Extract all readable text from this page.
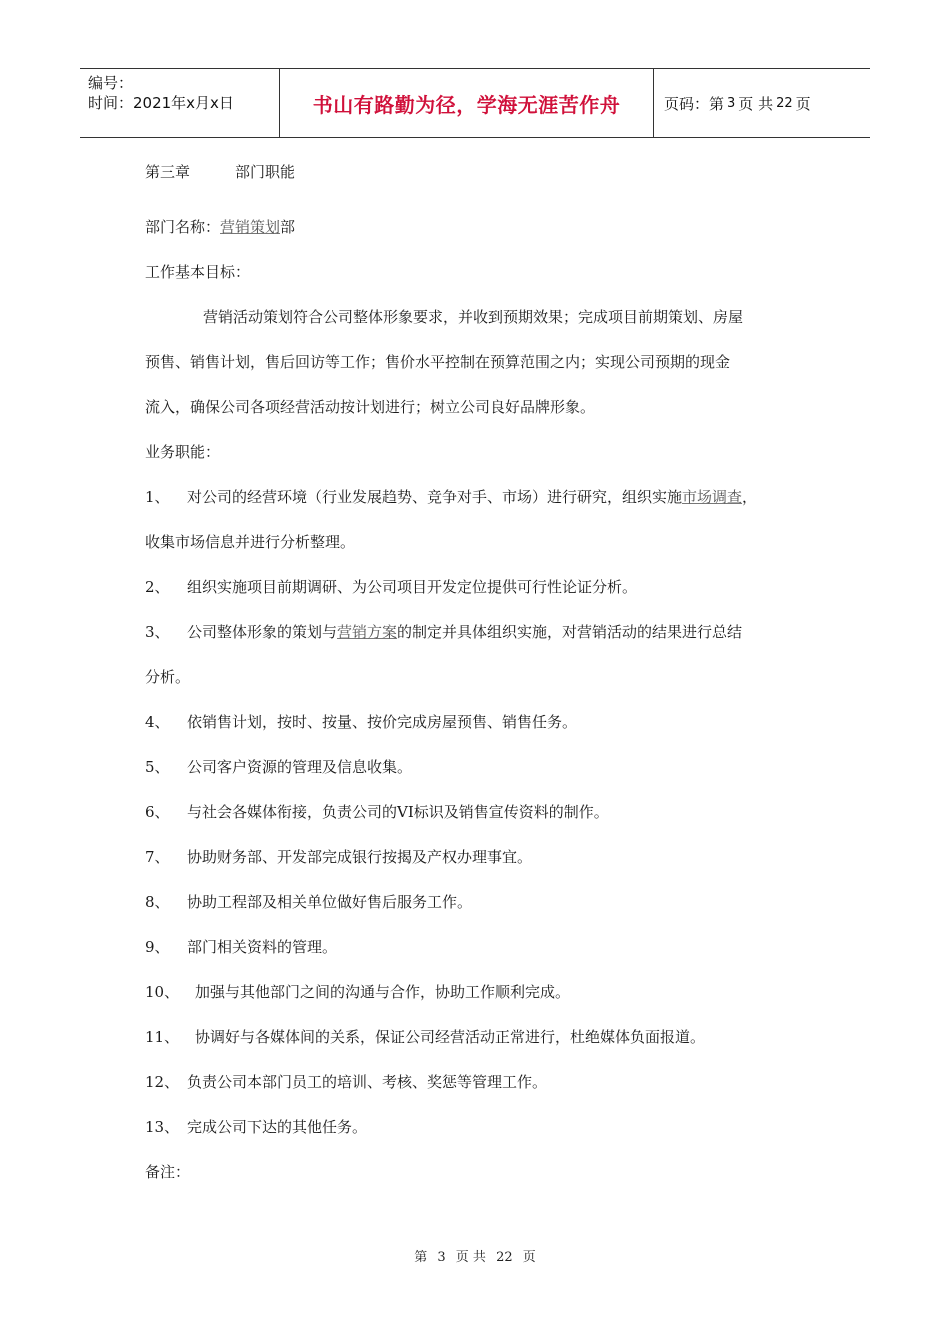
编号：
时间：2021年x月x日	书山有路勤为径，学海无涯苦作舟	页码：第 3 页 共 22 页
第三章	部门职能
部门名称：营销策划部
工作基本目标：
营销活动策划符合公司整体形象要求，并收到预期效果；完成项目前期策划、房屋
预售、销售计划，售后回访等工作；售价水平控制在预算范围之内；实现公司预期的现金
流入，确保公司各项经营活动按计划进行；树立公司良好品牌形象。
业务职能：
1、 对公司的经营环境（行业发展趋势、竞争对手、市场）进行研究，组织实施市场调查，
收集市场信息并进行分析整理。
2、 组织实施项目前期调研、为公司项目开发定位提供可行性论证分析。
3、 公司整体形象的策划与营销方案的制定并具体组织实施，对营销活动的结果进行总结
分析。
4、 依销售计划，按时、按量、按价完成房屋预售、销售任务。
5、 公司客户资源的管理及信息收集。
6、 与社会各媒体衔接，负责公司的VI标识及销售宣传资料的制作。
7、 协助财务部、开发部完成银行按揭及产权办理事宜。
8、 协助工程部及相关单位做好售后服务工作。
9、 部门相关资料的管理。
10、 加强与其他部门之间的沟通与合作，协助工作顺利完成。
11、 协调好与各媒体间的关系，保证公司经营活动正常进行，杜绝媒体负面报道。
12、 负责公司本部门员工的培训、考核、奖惩等管理工作。
13、 完成公司下达的其他任务。
备注：
第 3 页 共 22 页
